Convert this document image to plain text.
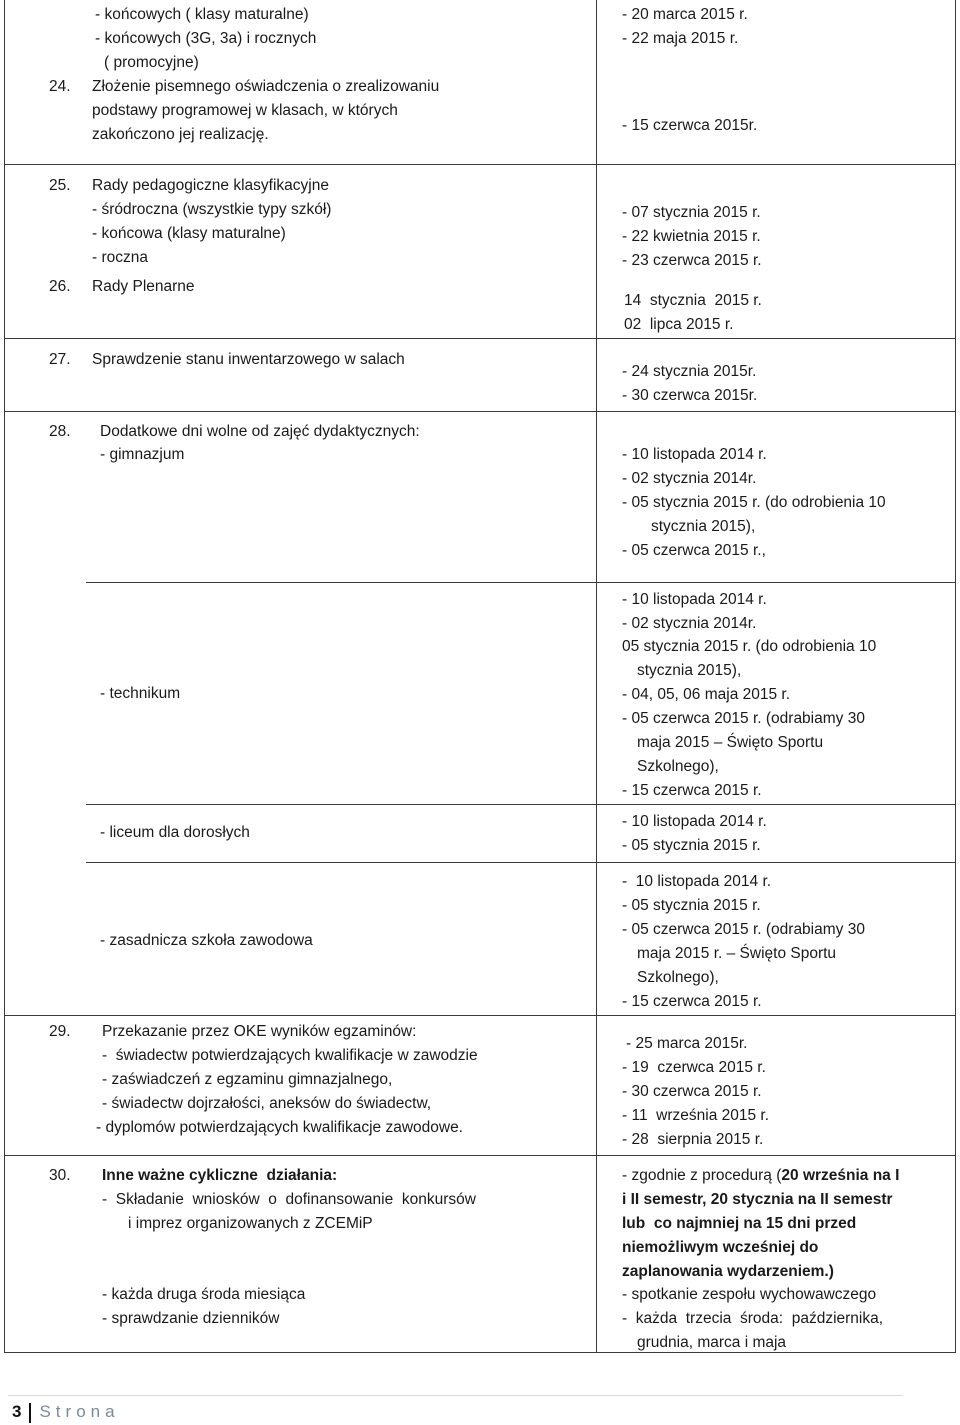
- końcowych ( klasy maturalne)
- końcowych (3G, 3a) i rocznych
( promocyjne)
- 20 marca 2015 r.
- 22 maja 2015 r.
24. Złożenie pisemnego oświadczenia o zrealizowaniu
podstawy programowej w klasach, w których
zakończono jej realizację.
- 15 czerwca 2015r.
25. Rady pedagogiczne klasyfikacyjne
- śródroczna (wszystkie typy szkół)
- końcowa (klasy maturalne)
- roczna
- 07 stycznia 2015 r.
- 22 kwietnia 2015 r.
- 23 czerwca 2015 r.
26. Rady Plenarne
14  stycznia  2015 r.
02  lipca 2015 r.
27. Sprawdzenie stanu inwentarzowego w salach
- 24 stycznia 2015r.
- 30 czerwca 2015r.
28. Dodatkowe dni wolne od zajęć dydaktycznych:
- gimnazjum	- 10 listopada 2014 r.
- 02 stycznia 2014r.
- 05 stycznia 2015 r. (do odrobienia 10
stycznia 2015),
- 05 czerwca 2015 r.,
- technikum
- 10 listopada 2014 r.
- 02 stycznia 2014r.
05 stycznia 2015 r. (do odrobienia 10
stycznia 2015),
- 04, 05, 06 maja 2015 r.
- 05 czerwca 2015 r. (odrabiamy 30
maja 2015 – Święto Sportu
Szkolnego),
- 15 czerwca 2015 r.
- liceum dla dorosłych
- 10 listopada 2014 r.
- 05 stycznia 2015 r.
- zasadnicza szkoła zawodowa
-  10 listopada 2014 r.
- 05 stycznia 2015 r.
- 05 czerwca 2015 r. (odrabiamy 30
maja 2015 r. – Święto Sportu
Szkolnego),
- 15 czerwca 2015 r.
29. Przekazanie przez OKE wyników egzaminów:
-  świadectw potwierdzających kwalifikacje w zawodzie
- zaświadczeń z egzaminu gimnazjalnego,
- świadectw dojrzałości, aneksów do świadectw,
- dyplomów potwierdzających kwalifikacje zawodowe.
- 25 marca 2015r.
- 19  czerwca 2015 r.
- 30 czerwca 2015 r.
- 11  września 2015 r.
- 28  sierpnia 2015 r.
30. Inne ważne cykliczne  działania:
-  Składanie  wniosków  o  dofinansowanie  konkursów
i imprez organizowanych z ZCEMiP
- każda druga środa miesiąca
- sprawdzanie dzienników
- zgodnie z procedurą (20 września na I
i II semestr, 20 stycznia na II semestr
lub  co najmniej na 15 dni przed
niemożliwym wcześniej do
zaplanowania wydarzeniem.)
- spotkanie zespołu wychowawczego
-  każda  trzecia  środa:  października,
grudnia, marca i maja
3 Strona
